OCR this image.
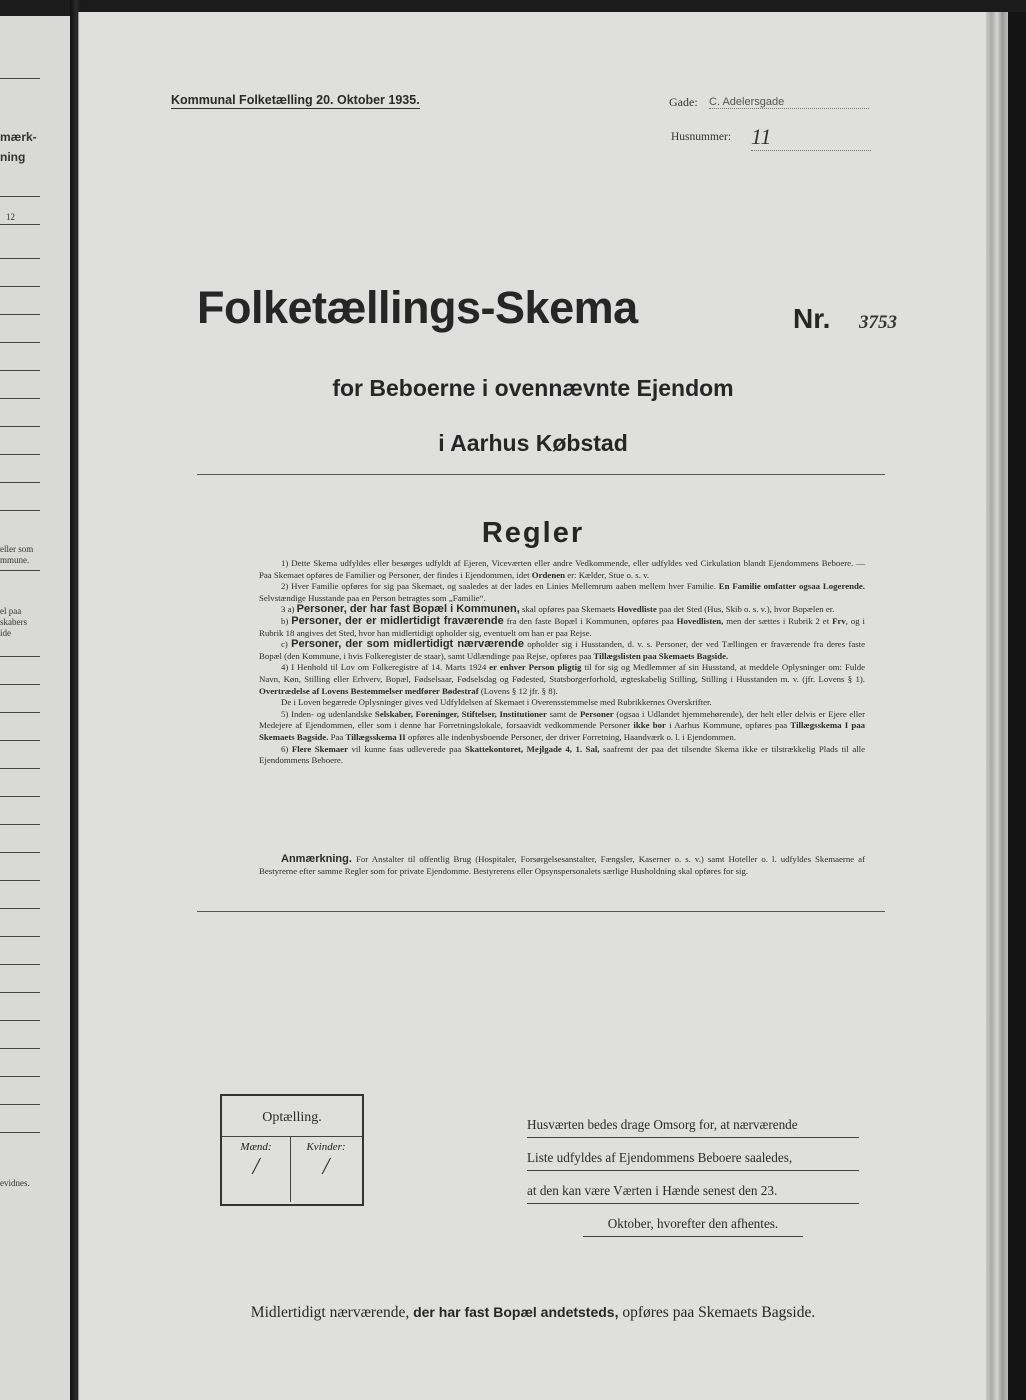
mærk-
ning
12
eller som
mmune.
el paa
skabers
ide
evidnes.
Kommunal Folketælling 20. Oktober 1935.	Gade: C. Adelersgade
Husnummer: 11
Folketællings-Skema	Nr. 3753
for Beboerne i ovennævnte Ejendom
i Aarhus Købstad
Regler

1) Dette Skema udfyldes eller besørges udfyldt af Ejeren, Viceværten eller andre Vedkommende, eller udfyldes ved Cirkulation blandt Ejendommens Beboere. — Paa Skemaet opføres de Familier og Personer, der findes i Ejendommen, idet Ordenen er: Kælder, Stue o. s. v.

2) Hver Familie opføres for sig paa Skemaet, og saaledes at der lades en Linies Mellemrum aaben mellem hver Familie. En Familie omfatter ogsaa Logerende. Selvstændige Husstande paa en Person betragtes som „Familie“.

3 a) Personer, der har fast Bopæl i Kommunen, skal opføres paa Skemaets Hovedliste paa det Sted (Hus, Skib o. s. v.), hvor Bopælen er.

b) Personer, der er midlertidigt fraværende fra den faste Bopæl i Kommunen, opføres paa Hovedlisten, men der sættes i Rubrik 2 et Frv, og i Rubrik 18 angives det Sted, hvor han midlertidigt opholder sig, eventuelt om han er paa Rejse.

c) Personer, der som midlertidigt nærværende opholder sig i Husstanden, d. v. s. Personer, der ved Tællingen er fraværende fra deres faste Bopæl (den Kommune, i hvis Folkeregister de staar), samt Udlændinge paa Rejse, opføres paa Tillægslisten paa Skemaets Bagside.

4) I Henhold til Lov om Folkeregistre af 14. Marts 1924 er enhver Person pligtig til for sig og Medlemmer af sin Husstand, at meddele Oplysninger om: Fulde Navn, Køn, Stilling eller Erhverv, Bopæl, Fødselsaar, Fødselsdag og Fødested, Statsborgerforhold, ægteskabelig Stilling, Stilling i Husstanden m. v. (jfr. Lovens § 1). Overtrædelse af Lovens Bestemmelser medfører Bødestraf (Lovens § 12 jfr. § 8).

De i Loven begærede Oplysninger gives ved Udfyldelsen af Skemaet i Overensstemmelse med Rubrikkernes Overskrifter.

5) Inden- og udenlandske Selskaber, Foreninger, Stiftelser, Institutioner samt de Personer (ogsaa i Udlandet hjemmehørende), der helt eller delvis er Ejere eller Medejere af Ejendommen, eller som i denne har Forretningslokale, forsaavidt vedkommende Personer ikke bor i Aarhus Kommune, opføres paa Tillægsskema I paa Skemaets Bagside. Paa Tillægsskema II opføres alle indenbysboende Personer, der driver Forretning, Haandværk o. l. i Ejendommen.

6) Flere Skemaer vil kunne faas udleverede paa Skattekontoret, Mejlgade 4, 1. Sal, saafremt der paa det tilsendte Skema ikke er tilstrækkelig Plads til alle Ejendommens Beboere.

Anmærkning. For Anstalter til offentlig Brug (Hospitaler, Forsørgelsesanstalter, Fængsler, Kaserner o. s. v.) samt Hoteller o. l. udfyldes Skemaerne af Bestyrerne efter samme Regler som for private Ejendomme. Bestyrerens eller Opsynspersonalets særlige Husholdning skal opføres for sig.
Optælling.
Mænd:	Kvinder:
/	/
Husværten bedes drage Omsorg for, at nærværende
Liste udfyldes af Ejendommens Beboere saaledes,
at den kan være Værten i Hænde senest den 23.
Oktober, hvorefter den afhentes.
Midlertidigt nærværende, der har fast Bopæl andetsteds, opføres paa Skemaets Bagside.
